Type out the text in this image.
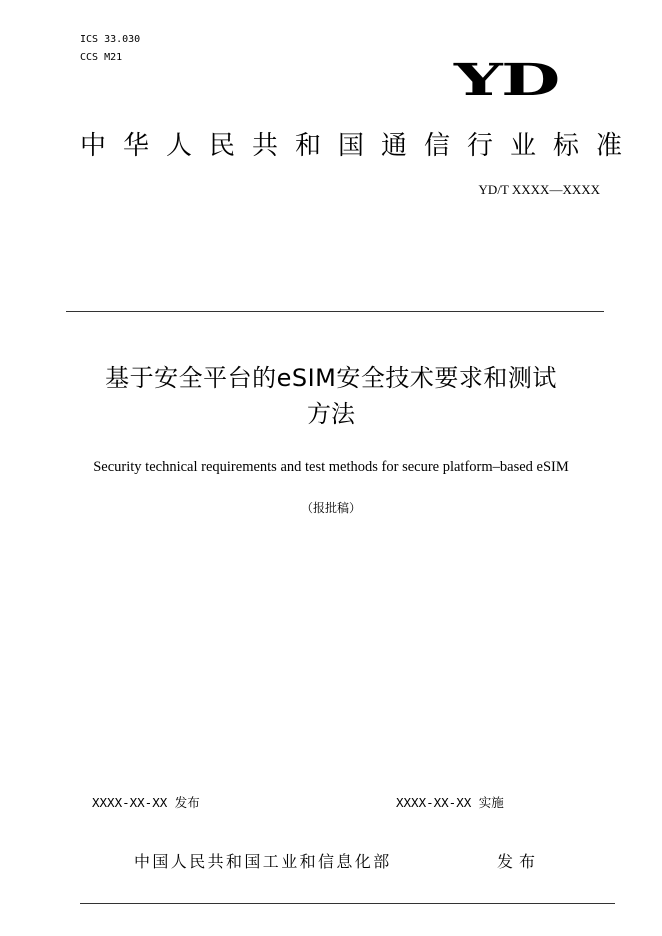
ICS 33.030
CCS M21	YD
中华人民共和国通信行业标准
YD/T XXXX—XXXX
基于安全平台的eSIM安全技术要求和测试
方法
Security technical requirements and test methods for secure platform–based eSIM
（报批稿）
XXXX-XX-XX 发布	XXXX-XX-XX 实施
中国人民共和国工业和信息化部	发布
